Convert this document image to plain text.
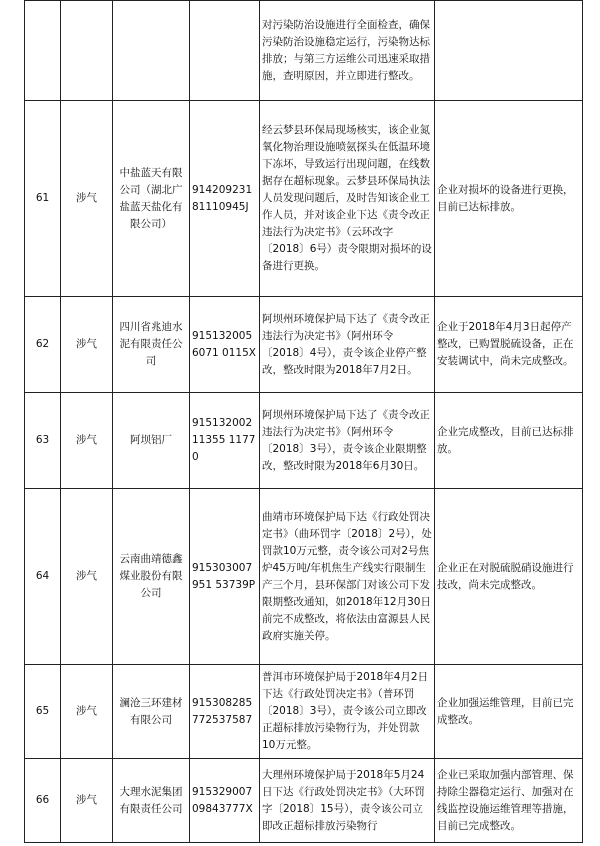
				对污染防治设施进行全面检查，确保污染防治设施稳定运行，污染物达标排放；与第三方运维公司迅速采取措施，查明原因，并立即进行整改。	

61	涉气	中盐蓝天有限公司（湖北广盐蓝天盐化有限公司）	91420923181110945J	经云梦县环保局现场核实，该企业氮氧化物治理设施喷氨探头在低温环境下冻坏，导致运行出现问题，在线数据存在超标现象。云梦县环保局执法人员发现问题后，及时告知该企业工作人员，并对该企业下达《责令改正违法行为决定书》（云环改字〔2018〕6号）责令限期对损坏的设备进行更换。	企业对损坏的设备进行更换，目前已达标排放。

62	涉气	四川省兆迪水泥有限责任公司	9151320056071 0115X	阿坝州环境保护局下达了《责令改正违法行为决定书》（阿州环令〔2018〕4号），责令该企业停产整改，整改时限为2018年7月2日。	企业于2018年4月3日起停产整改，已购置脱硫设备，正在安装调试中，尚未完成整改。

63	涉气	阿坝铝厂	91513200211355 11770	阿坝州环境保护局下达了《责令改正违法行为决定书》（阿州环令〔2018〕3号），责令该企业限期整改，整改时限为2018年6月30日。	企业完成整改，目前已达标排放。

64	涉气	云南曲靖德鑫煤业股份有限公司	915303007951 53739P	曲靖市环境保护局下达《行政处罚决定书》（曲环罚字〔2018〕2号），处罚款10万元整，责令该公司对2号焦炉45万吨/年机焦生产线实行限制生产三个月，县环保部门对该公司下发限期整改通知，如2018年12月30日前完不成整改，将依法由富源县人民政府实施关停。	企业正在对脱硫脱硝设施进行技改，尚未完成整改。

65	涉气	澜沧三环建材有限公司	915308285772537587	普洱市环境保护局于2018年4月2日下达《行政处罚决定书》（普环罚〔2018〕3号），责令该公司立即改正超标排放污染物行为，并处罚款10万元整。	企业加强运维管理，目前已完成整改。

66	涉气	大理水泥集团有限责任公司	91532900709843777X	大理州环境保护局于2018年5月24日下达《行政处罚决定书》（大环罚字〔2018〕15号），责令该公司立即改正超标排放污染物行	企业已采取加强内部管理、保持除尘器稳定运行、加强对在线监控设施运维管理等措施，目前已完成整改。
